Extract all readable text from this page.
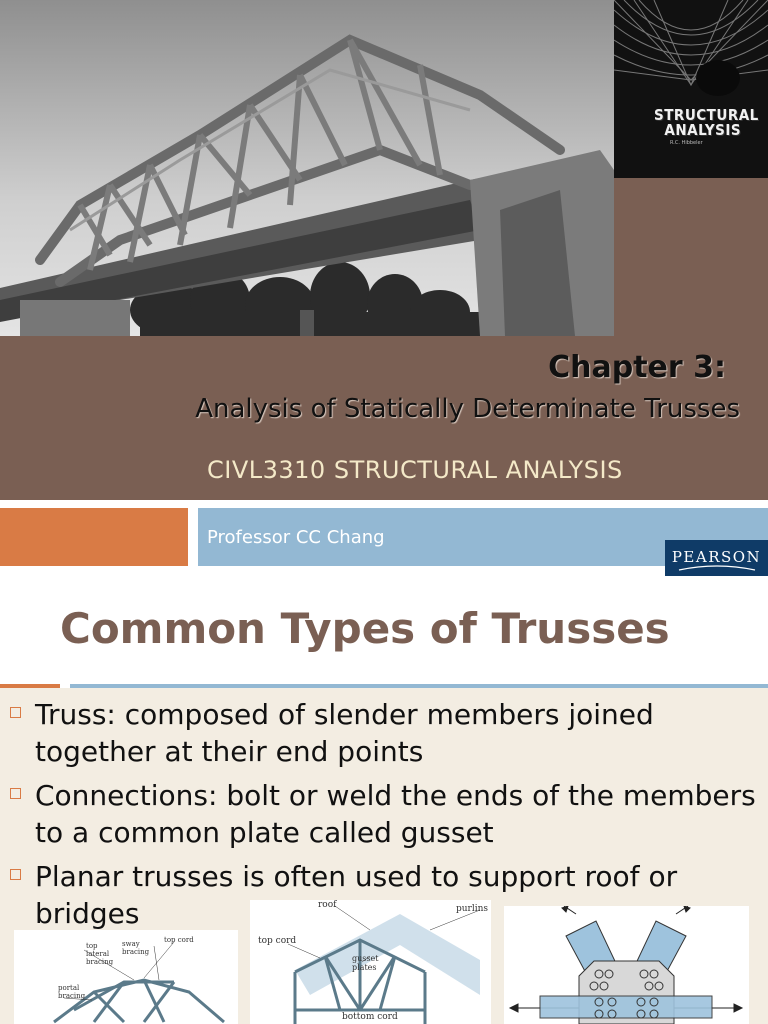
STRUCTURAL
ANALYSIS
R.C. Hibbeler
Chapter 3:
Analysis of Statically Determinate Trusses
CIVL3310 STRUCTURAL ANALYSIS
Professor CC Chang
PEARSON
Common Types of Trusses
Truss: composed of slender members joined together at their end points
Connections: bolt or weld the ends of the members to a common plate called gusset
Planar trusses is often used to support roof or bridges
top cord
sway bracing
top lateral bracing
portal bracing
roof	purlins
top cord
gusset plates
bottom cord
